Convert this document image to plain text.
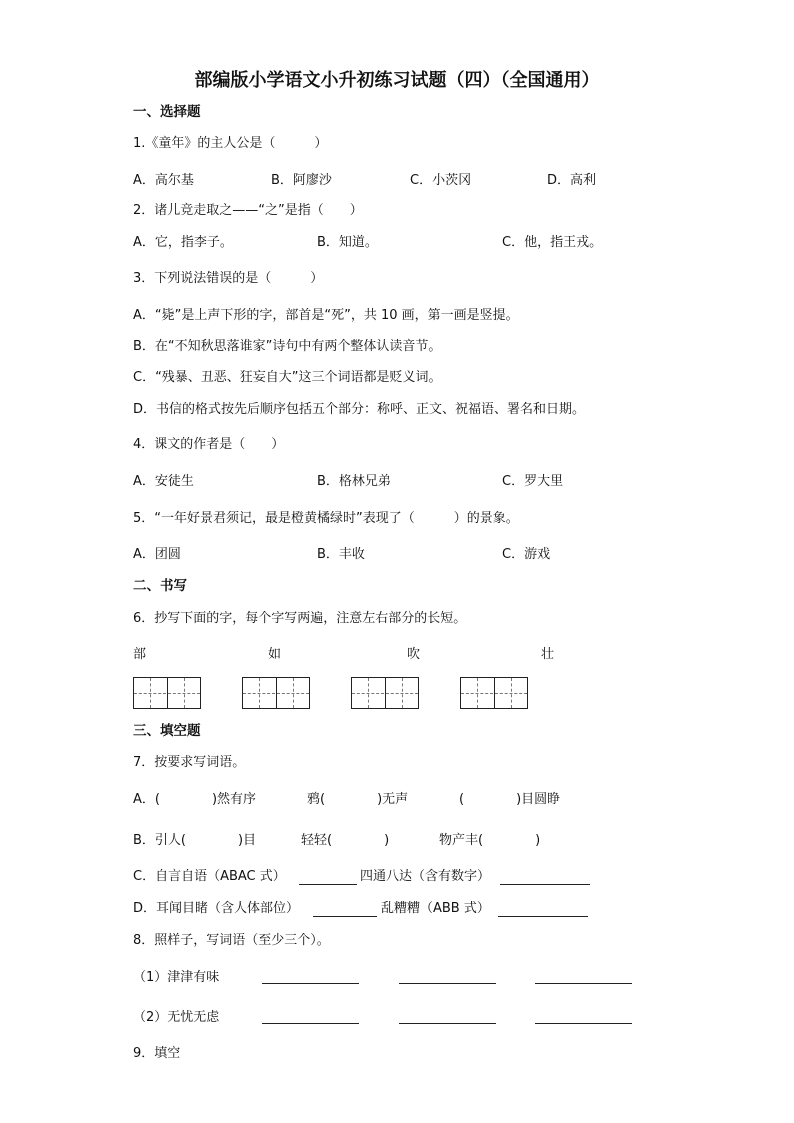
部编版小学语文小升初练习试题（四）（全国通用）
一、选择题
1.《童年》的主人公是（　　　）
A．高尔基	B．阿廖沙	C．小茨冈	D．高利
2．诸儿竞走取之——“之”是指（　　）
A．它，指李子。	B．知道。	C．他，指王戎。
3．下列说法错误的是（　　　）
A．“毙”是上声下形的字，部首是“死”，共 10 画，第一画是竖提。
B．在“不知秋思落谁家”诗句中有两个整体认读音节。
C．“残暴、丑恶、狂妄自大”这三个词语都是贬义词。
D．书信的格式按先后顺序包括五个部分：称呼、正文、祝福语、署名和日期。
4．课文的作者是（　　）
A．安徒生	B．格林兄弟	C．罗大里
5．“一年好景君须记，最是橙黄橘绿时”表现了（　　　）的景象。
A．团圆	B．丰收	C．游戏
二、书写
6．抄写下面的字，每个字写两遍，注意左右部分的长短。
部	如	吹	壮
三、填空题
7．按要求写词语。
A．(　　　　)然有序	鸦(　　　　)无声	(　　　　)目圆睁
B．引人(　　　　)目	轻轻(　　　　)	物产丰(　　　　)
C．自言自语（ABAC 式）	四通八达（含有数字）
D．耳闻目睹（含人体部位）	乱糟糟（ABB 式）
8．照样子，写词语（至少三个）。
（1）津津有味
（2）无忧无虑
9．填空
